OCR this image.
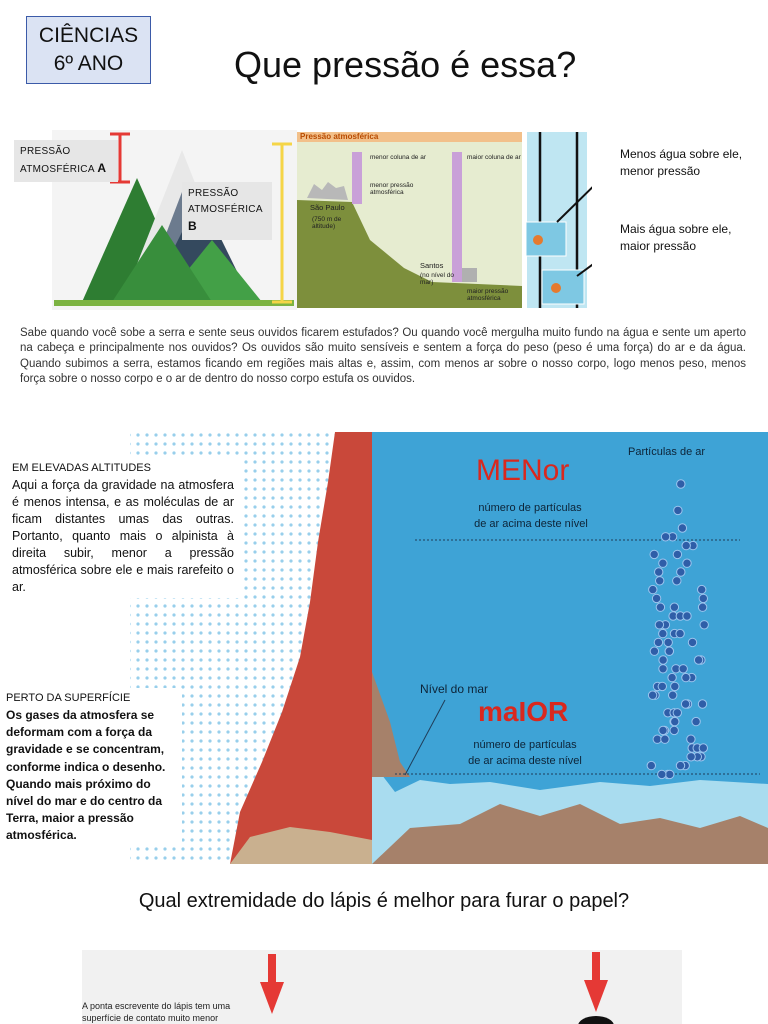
CIÊNCIAS
6º ANO	Que pressão é essa?
PRESSÃO
ATMOSFÉRICA A
PRESSÃO
ATMOSFÉRICA B
Pressão atmosférica
menor coluna de ar
menor pressão atmosférica
maior coluna de ar
maior pressão atmosférica
São Paulo
(750 m de altitude)
Santos
(no nível do mar)
Menos água sobre ele, menor pressão
Mais água sobre ele, maior pressão
Sabe quando você sobe a serra e sente seus ouvidos ficarem estufados? Ou quando você mergulha muito fundo na água e sente um aperto na cabeça e principalmente nos ouvidos? Os ouvidos são muito sensíveis e sentem a força do peso (peso é uma força) do ar e da água. Quando subimos a serra, estamos ficando em regiões mais altas e, assim, com menos ar sobre o nosso corpo, logo menos peso, menos força sobre o nosso corpo e o ar de dentro do nosso corpo estufa os ouvidos.
EM ELEVADAS ALTITUDES
Aqui a força da gravidade na atmosfera é menos intensa, e as moléculas de ar ficam distantes umas das outras. Portanto, quanto mais o alpinista à direita subir, menor a pressão atmosférica sobre ele e mais rarefeito o ar.
PERTO DA SUPERFÍCIE
Os gases da atmosfera se deformam com a força da gravidade e se concentram, conforme indica o desenho. Quando mais próximo do nível do mar e do centro da Terra, maior a pressão atmosférica.
Partículas de ar
MENor
número de partículas
de ar acima deste nível
Nível do mar
maIOR
número de partículas
de ar acima deste nível
Qual extremidade do lápis é melhor para furar o papel?
A ponta escrevente do lápis tem uma
superfície de contato muito menor
